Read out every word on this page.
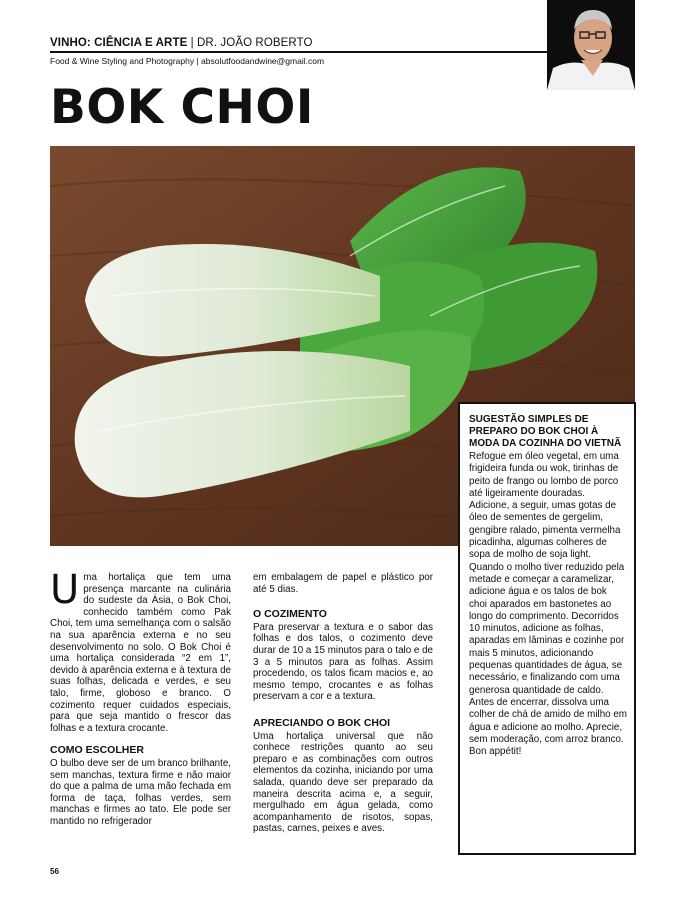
VINHO: CIÊNCIA E ARTE | DR. JOÃO ROBERTO
Food & Wine Styling and Photography | absolutfoodandwine@gmail.com
BOK CHOI

Uma hortaliça que tem uma presença marcante na culinária do sudeste da Ásia, o Bok Choi, conhecido também como Pak Choi, tem uma semelhança com o salsão na sua aparência externa e no seu desenvolvimento no solo. O Bok Choi é uma hortaliça considerada “2 em 1”, devido à aparência externa e à textura de suas folhas, delicada e verdes, e seu talo, firme, globoso e branco. O cozimento requer cuidados especiais, para que seja mantido o frescor das folhas e a textura crocante.

COMO ESCOLHER

O bulbo deve ser de um branco brilhante, sem manchas, textura firme e não maior do que a palma de uma mão fechada em forma de taça, folhas verdes, sem manchas e firmes ao tato. Ele pode ser mantido no refrigerador

em embalagem de papel e plástico por até 5 dias.

O COZIMENTO

Para preservar a textura e o sabor das folhas e dos talos, o cozimento deve durar de 10 a 15 minutos para o talo e de 3 a 5 minutos para as folhas. Assim procedendo, os talos ficam macios e, ao mesmo tempo, crocantes e as folhas preservam a cor e a textura.

APRECIANDO O BOK CHOI

Uma hortaliça universal que não conhece restrições quanto ao seu preparo e as combinações com outros elementos da cozinha, iniciando por uma salada, quando deve ser preparado da maneira descrita acima e, a seguir, mergulhado em água gelada, como acompanhamento de risotos, sopas, pastas, carnes, peixes e aves.

SUGESTÃO SIMPLES DE PREPARO DO BOK CHOI À MODA DA COZINHA DO VIETNÃ

Refogue em óleo vegetal, em uma frigideira funda ou wok, tirinhas de peito de frango ou lombo de porco até ligeiramente douradas. Adicione, a seguir, umas gotas de óleo de sementes de gergelim, gengibre ralado, pimenta vermelha picadinha, algumas colheres de sopa de molho de soja light. Quando o molho tiver reduzido pela metade e começar a caramelizar, adicione água e os talos de bok choi aparados em bastonetes ao longo do comprimento. Decorridos 10 minutos, adicione as folhas, aparadas em lâminas e cozinhe por mais 5 minutos, adicionando pequenas quantidades de água, se necessário, e finalizando com uma generosa quantidade de caldo. Antes de encerrar, dissolva uma colher de chá de amido de milho em água e adicione ao molho. Aprecie, sem moderação, com arroz branco. Bon appétit!

56
